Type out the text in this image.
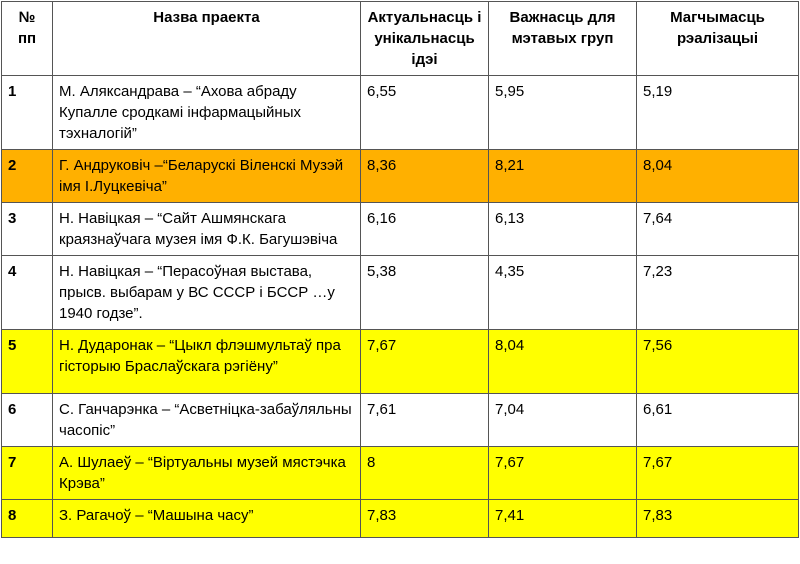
№ пп	Назва праекта	Актуальнасць і унікальнасць ідэі	Важнасць для мэтавых груп	Магчымасць рэалізацыі
1	М. Аляксандрава – “Ахова абраду Купалле сродкамі інфармацыйных тэхналогій”	6,55	5,95	5,19
2	Г. Андрукoвіч –“Беларускі Віленскі Музэй імя І.Луцкевіча”	8,36	8,21	8,04
3	Н. Навіцкая – “Сайт Ашмянскага краязнаўчага музея імя Ф.К. Багушэвіча	6,16	6,13	7,64
4	Н. Навіцкая – “Перасоўная выстава, прысв. выбарам у ВС СССР і БССР …у 1940 годзе”.	5,38	4,35	7,23
5	Н. Дударонак – “Цыкл флэшмультаў пра гісторыю Браслаўскага рэгіёну”	7,67	8,04	7,56
6	С. Ганчарэнка – “Асветніцка-забаўляльны часопіс”	7,61	7,04	6,61
7	А. Шулаеў – “Віртуальны музей мястэчка Крэва”	8	7,67	7,67
8	З. Рагачоў – “Машына часу”	7,83	7,41	7,83
